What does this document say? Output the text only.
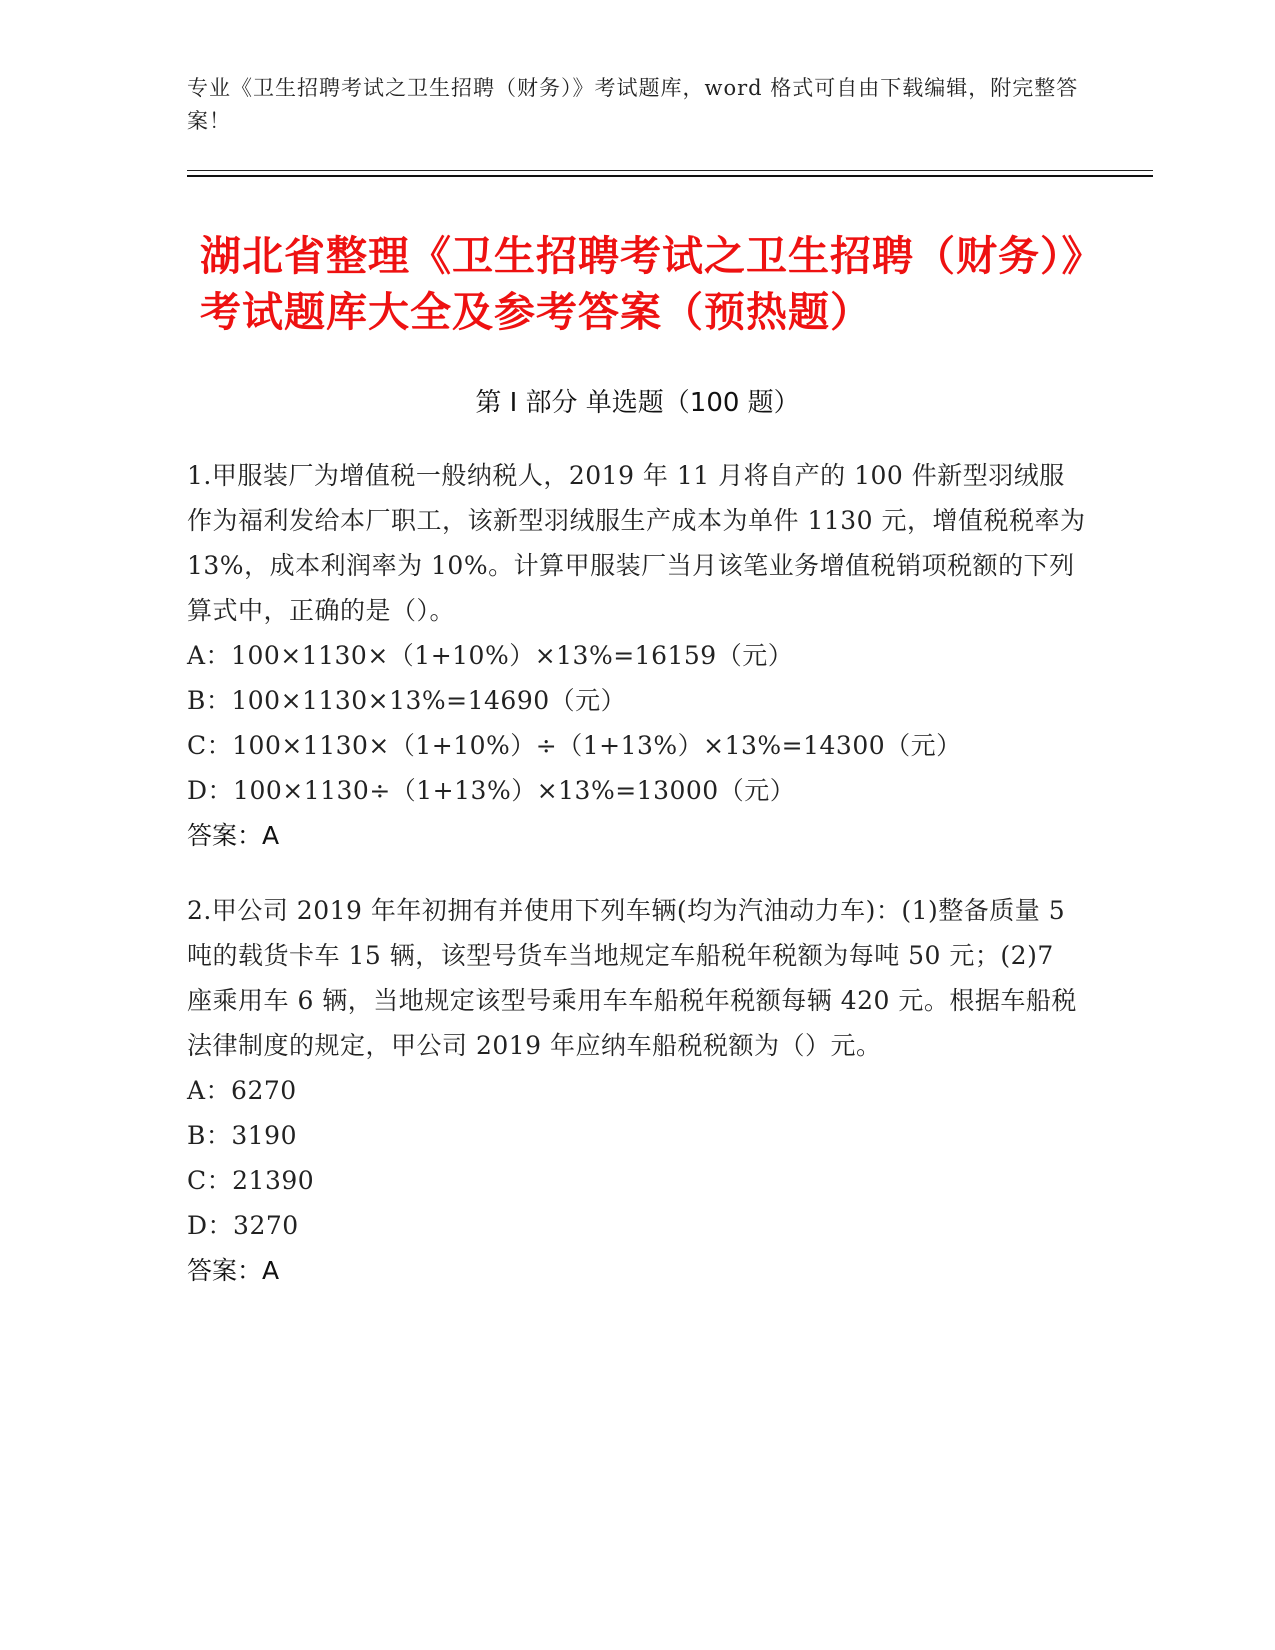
专业《卫生招聘考试之卫生招聘（财务）》考试题库，word 格式可自由下载编辑，附完整答案！
湖北省整理《卫生招聘考试之卫生招聘（财务）》考试题库大全及参考答案（预热题）
第 I 部分 单选题（100 题）
1.甲服装厂为增值税一般纳税人，2019 年 11 月将自产的 100 件新型羽绒服作为福利发给本厂职工，该新型羽绒服生产成本为单件 1130 元，增值税税率为 13%，成本利润率为 10%。计算甲服装厂当月该笔业务增值税销项税额的下列算式中，正确的是（）。
A：100×1130×（1+10%）×13%=16159（元）
B：100×1130×13%=14690（元）
C：100×1130×（1+10%）÷（1+13%）×13%=14300（元）
D：100×1130÷（1+13%）×13%=13000（元）
答案：A
2.甲公司 2019 年年初拥有并使用下列车辆(均为汽油动力车)：(1)整备质量 5 吨的载货卡车 15 辆，该型号货车当地规定车船税年税额为每吨 50 元；(2)7 座乘用车 6 辆，当地规定该型号乘用车车船税年税额每辆 420 元。根据车船税法律制度的规定，甲公司 2019 年应纳车船税税额为（）元。
A：6270
B：3190
C：21390
D：3270
答案：A
